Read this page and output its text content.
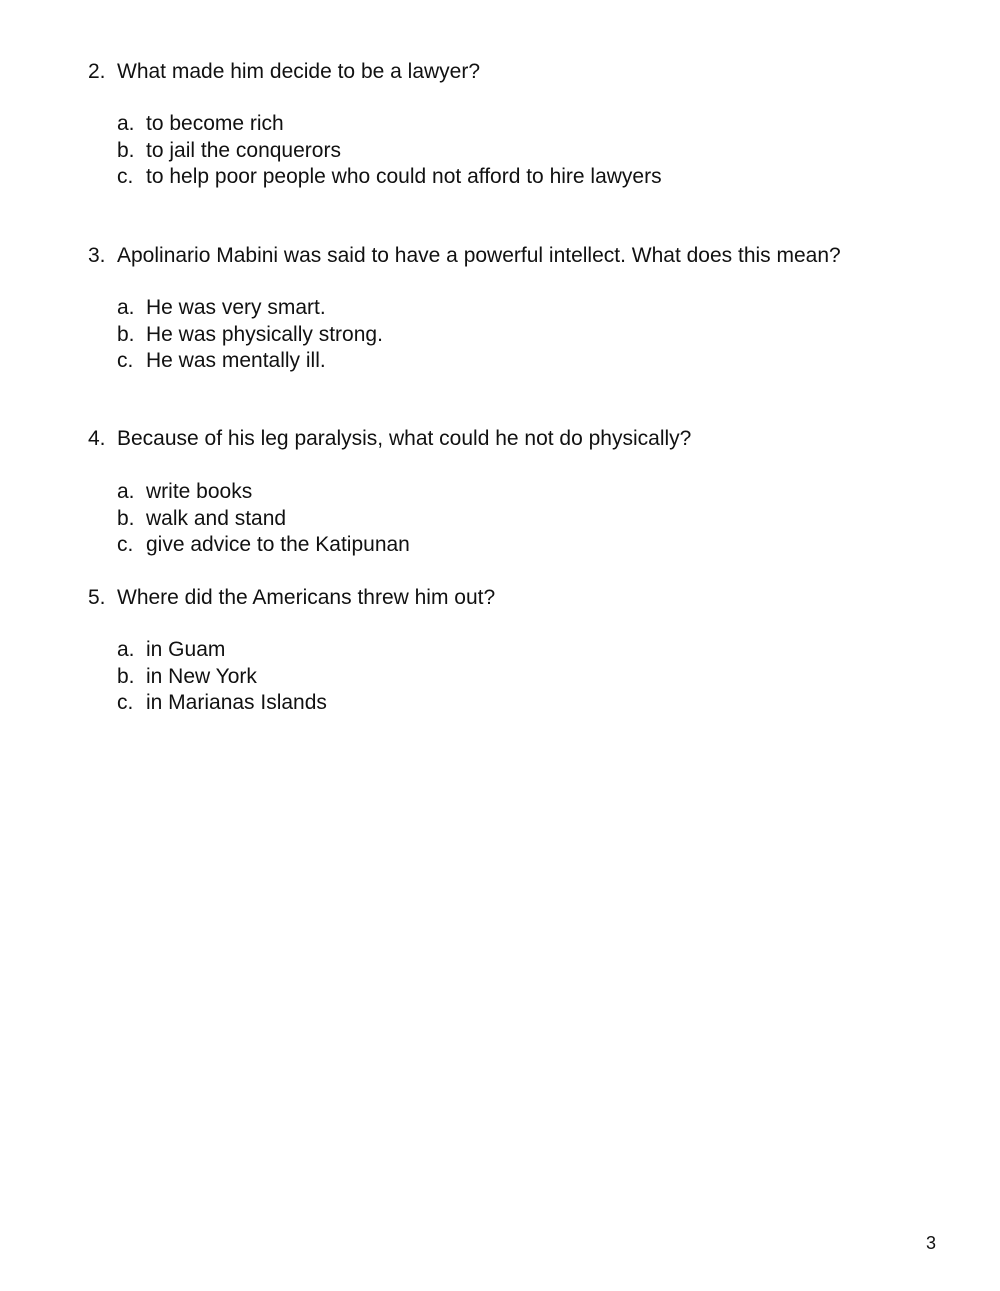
2. What made him decide to be a lawyer?
a. to become rich
b. to jail the conquerors
c. to help poor people who could not afford to hire lawyers
3. Apolinario Mabini was said to have a powerful intellect. What does this mean?
a. He was very smart.
b. He was physically strong.
c. He was mentally ill.
4. Because of his leg paralysis, what could he not do physically?
a. write books
b. walk and stand
c. give advice to the Katipunan
5. Where did the Americans threw him out?
a. in Guam
b. in New York
c. in Marianas Islands
3
